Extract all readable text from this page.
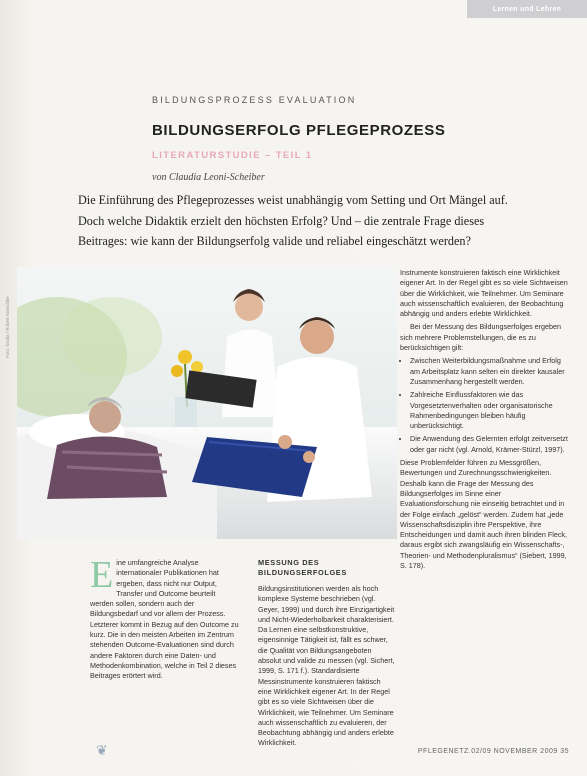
Lernen und Lehren
BILDUNGSPROZESS EVALUATION
BILDUNGSERFOLG PFLEGEPROZESS
LITERATURSTUDIE – TEIL 1
von Claudia Leoni-Scheiber
Die Einführung des Pflegeprozesses weist unabhängig vom Setting und Ort Mängel auf. Doch welche Didaktik erzielt den höchsten Erfolg? Und – die zentrale Frage dieses Beitrages: wie kann der Bildungserfolg valide und reliabel eingeschätzt werden?
Foto: fotolia / Robert Kneschke

Instrumente konstruieren faktisch eine Wirklichkeit eigener Art. In der Regel gibt es so viele Sichtweisen über die Wirklichkeit, wie Teilnehmer. Um Seminare auch wissenschaftlich evaluieren, der Beobachtung abhängig und anders erlebte Wirklichkeit.

Bei der Messung des Bildungserfolges ergeben sich mehrere Problemstellungen, die es zu berücksichtigen gilt:

• Zwischen Weiterbildungsmaßnahme und Erfolg am Arbeitsplatz kann selten ein direkter kausaler Zusammenhang hergestellt werden.
• Zahlreiche Einflussfaktoren wie das Vorgesetztenverhalten oder organisatorische Rahmenbedingungen bleiben häufig unberücksichtigt.
• Die Anwendung des Gelernten erfolgt zeitversetzt oder gar nicht (vgl. Arnold, Krämer-Stürzl, 1997).

Diese Problemfelder führen zu Messgrößen, Bewertungen und Zurechnungsschwierigkeiten. Deshalb kann die Frage der Messung des Bildungserfolges im Sinne einer Evaluationsforschung nie einseitig betrachtet und in der Folge einfach „gelöst“ werden. Zudem hat „jede Wissenschaftsdisziplin ihre Perspektive, ihre Entscheidungen und damit auch ihren blinden Fleck, daraus ergibt sich zwangsläufig ein Wissenschafts-, Theorien- und Methodenpluralismus“ (Siebert, 1999, S. 178).

Eine umfangreiche Analyse internationaler Publikationen hat ergeben, dass nicht nur Output, Transfer und Outcome beurteilt werden sollen, sondern auch der Bildungsbedarf und vor allem der Prozess. Letzterer kommt in Bezug auf den Outcome zu kurz. Die in den meisten Arbeiten im Zentrum stehenden Outcome-Evaluationen sind durch andere Faktoren durch eine Daten- und Methodenkombination, welche in Teil 2 dieses Beitrages erörtert wird.

MESSUNG DES BILDUNGSERFOLGES

Bildungsinstitutionen werden als hoch komplexe Systeme beschrieben (vgl. Geyer, 1999) und durch ihre Einzigartigkeit und Nicht-Wiederholbarkeit charakterisiert. Da Lernen eine selbstkonstruktive, eigensinnige Tätigkeit ist, fällt es schwer, die Qualität von Bildungsangeboten absolut und valide zu messen (vgl. Sichert, 1999, S. 171 f.). Standardisierte Messinstrumente konstruieren faktisch eine Wirklichkeit eigener Art. In der Regel gibt es so viele Sichtweisen über die Wirklichkeit, wie Teilnehmer. Um Seminare auch wissenschaftlich zu evaluieren, der Beobachtung abhängig und anders erlebte Wirklichkeit.

❦	PFLEGENETZ.02/09 NOVEMBER 2009 35
